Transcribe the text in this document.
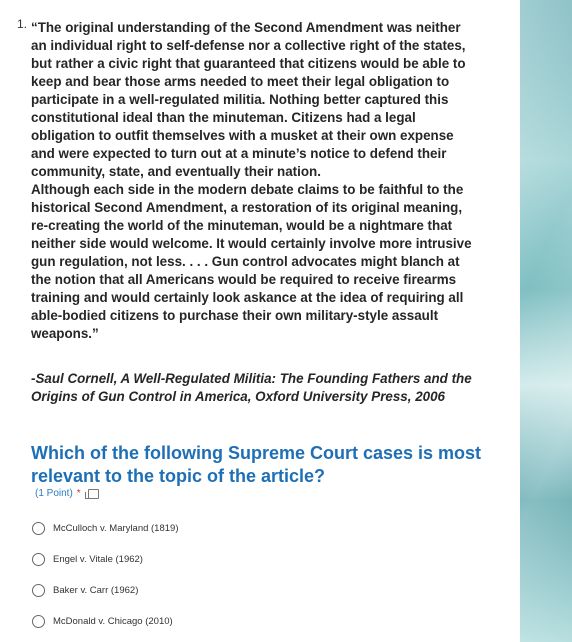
1. “The original understanding of the Second Amendment was neither

an individual right to self-defense nor a collective right of the states,

but rather a civic right that guaranteed that citizens would be able to

keep and bear those arms needed to meet their legal obligation to

participate in a well-regulated militia. Nothing better captured this

constitutional ideal than the minuteman. Citizens had a legal

obligation to outfit themselves with a musket at their own expense

and were expected to turn out at a minute’s notice to defend their

community, state, and eventually their nation.

Although each side in the modern debate claims to be faithful to the

historical Second Amendment, a restoration of its original meaning,

re-creating the world of the minuteman, would be a nightmare that

neither side would welcome. It would certainly involve more intrusive

gun regulation, not less. . . . Gun control advocates might blanch at

the notion that all Americans would be required to receive firearms

training and would certainly look askance at the idea of requiring all

able-bodied citizens to purchase their own military-style assault

weapons.”

-Saul Cornell, A Well-Regulated Militia: The Founding Fathers and the
Origins of Gun Control in America, Oxford University Press, 2006
Which of the following Supreme Court cases is most
relevant to the topic of the article?
(1 Point) *
McCulloch v. Maryland (1819)
Engel v. Vitale (1962)
Baker v. Carr (1962)
McDonald v. Chicago (2010)
